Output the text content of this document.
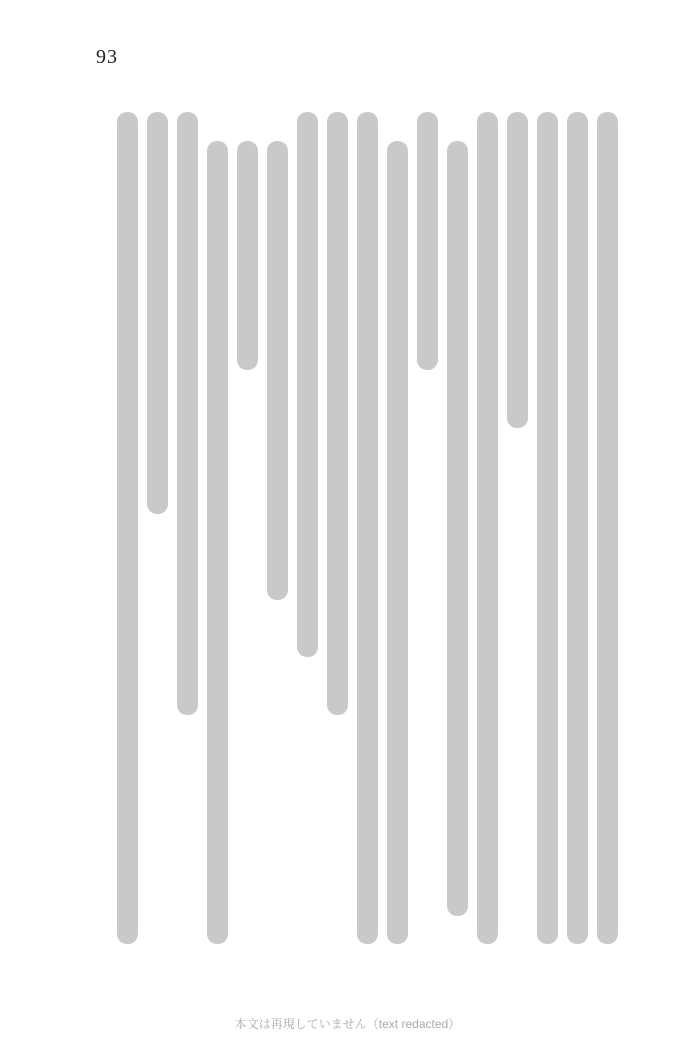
93
本文は再現していません（text redacted）
